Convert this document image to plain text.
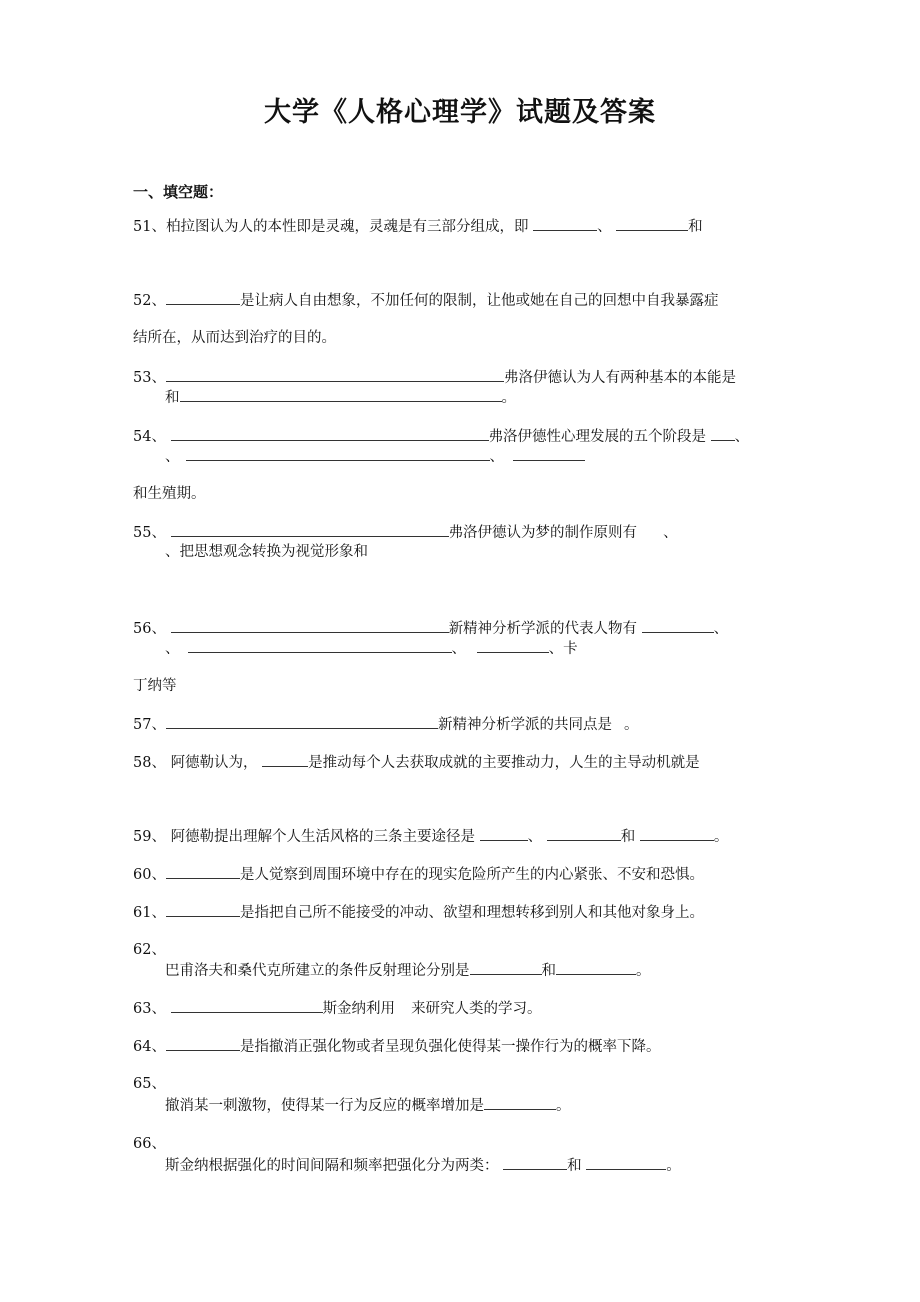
大学《人格心理学》试题及答案
一、填空题：
51、柏拉图认为人的本性即是灵魂，灵魂是有三部分组成，即	、	和
52、	是让病人自由想象，不加任何的限制，让他或她在自己的回想中自我暴露症
结所在，从而达到治疗的目的。
53、	弗洛伊德认为人有两种基本的本能是
和	。
54、	弗洛伊德性心理发展的五个阶段是 、
、	、
和生殖期。
55、	弗洛伊德认为梦的制作原则有 、
、把思想观念转换为视觉形象和
56、	新精神分析学派的代表人物有	、
、	、	、卡
丁纳等
57、	新精神分析学派的共同点是 。
58、 阿德勒认为，	是推动每个人去获取成就的主要推动力，人生的主导动机就是
59、 阿德勒提出理解个人生活风格的三条主要途径是	、	和	。
60、	是人觉察到周围环境中存在的现实危险所产生的内心紧张、不安和恐惧。
61、	是指把自己所不能接受的冲动、欲望和理想转移到别人和其他对象身上。
62、
巴甫洛夫和桑代克所建立的条件反射理论分别是	和	。
63、	斯金纳利用 来研究人类的学习。
64、	是指撤消正强化物或者呈现负强化使得某一操作行为的概率下降。
65、
撤消某一刺激物，使得某一行为反应的概率增加是	。
66、
斯金纳根据强化的时间间隔和频率把强化分为两类：	和	。
